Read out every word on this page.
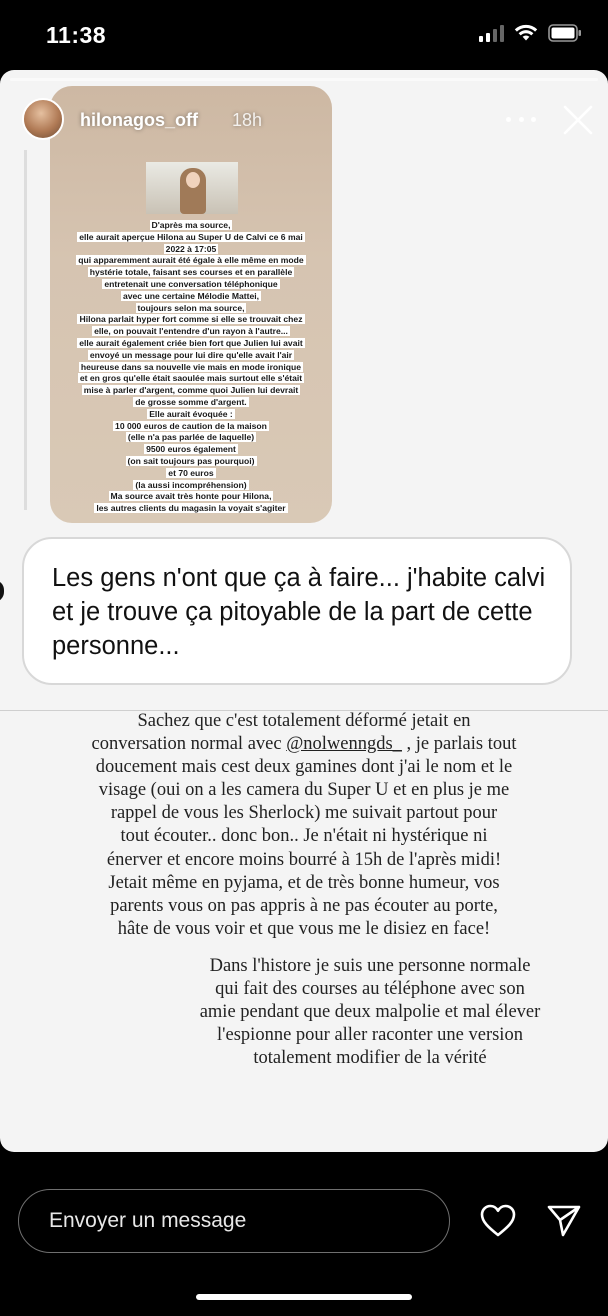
11:38
D'après ma source,
elle aurait aperçue Hilona au Super U de Calvi ce 6 mai
2022 à 17:05
qui apparemment aurait été égale à elle même en mode
hystérie totale, faisant ses courses et en parallèle
entretenait une conversation téléphonique
avec une certaine Mélodie Mattei,
toujours selon ma source,
Hilona parlait hyper fort comme si elle se trouvait chez
elle, on pouvait l'entendre d'un rayon à l'autre...
elle aurait également criée bien fort que Julien lui avait
envoyé un message pour lui dire qu'elle avait l'air
heureuse dans sa nouvelle vie mais en mode ironique
et en gros qu'elle était saoulée mais surtout elle s'était
mise à parler d'argent, comme quoi Julien lui devrait
de grosse somme d'argent.
Elle aurait évoquée :
10 000 euros de caution de la maison
(elle n'a pas parlée de laquelle)
9500 euros également
(on sait toujours pas pourquoi)
et 70 euros
(la aussi incompréhension)
Ma source avait très honte pour Hilona,
les autres clients du magasin la voyait s'agiter
hilonagos_off 18h
Les gens n'ont que ça à faire... j'habite calvi et je trouve ça pitoyable de la part de cette personne...
Sachez que c'est totalement déformé jetait en
conversation normal avec @nolwenngds_ , je parlais tout
doucement mais cest deux gamines dont j'ai le nom et le
visage (oui on a les camera du Super U et en plus je me
rappel de vous les Sherlock) me suivait partout pour
tout écouter.. donc bon.. Je n'était ni hystérique ni
énerver et encore moins bourré à 15h de l'après midi!
Jetait même en pyjama, et de très bonne humeur, vos
parents vous on pas appris à ne pas écouter au porte,
hâte de vous voir et que vous me le disiez en face!
Dans l'histore je suis une personne normale
qui fait des courses au téléphone avec son
amie pendant que deux malpolie et mal élever
l'espionne pour aller raconter une version
totalement modifier de la vérité
Envoyer un message
